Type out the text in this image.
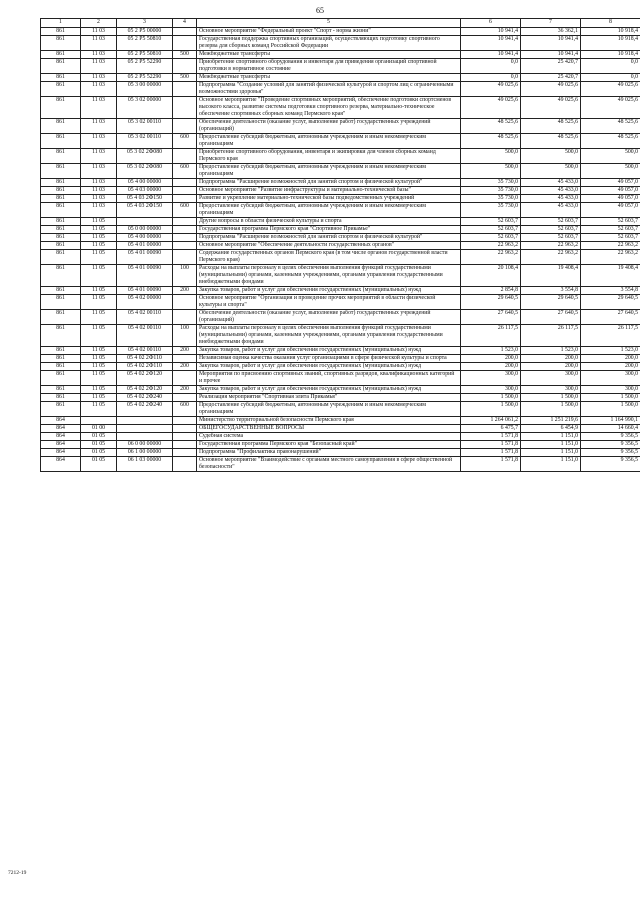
65
1	2	3	4	5	6	7	8
861	11 03	05 2 P5 00000		Основное мероприятие "Федеральный проект "Спорт - норма жизни"	10 941,4	36 362,1	10 918,4
861	11 03	05 2 P5 50810		Государственная поддержка спортивных организаций, осуществляющих подготовку спортивного резерва для сборных команд Российской Федерации	10 941,4	10 941,4	10 918,4
861	11 03	05 2 P5 50810	500	Межбюджетные трансферты	10 941,4	10 941,4	10 918,4
861	11 03	05 2 P5 52290		Приобретение спортивного оборудования и инвентаря для приведения организаций спортивной подготовки в нормативное состояние	0,0	25 420,7	0,0
861	11 03	05 2 P5 52290	500	Межбюджетные трансферты	0,0	25 420,7	0,0
861	11 03	05 3 00 00000		Подпрограмма "Создание условий для занятий физической культурой и спортом лиц с ограниченными возможностями здоровья"	49 025,6	49 025,6	49 025,6
861	11 03	05 3 02 00000		Основное мероприятие "Проведение спортивных мероприятий, обеспечение подготовки спортсменов высокого класса, развитие системы подготовки спортивного резерва, материально-техническое обеспечение спортивных сборных команд Пермского края"	49 025,6	49 025,6	49 025,6
861	11 03	05 3 02 00110		Обеспечение деятельности (оказание услуг, выполнение работ) государственных учреждений (организаций)	48 525,6	48 525,6	48 525,6
861	11 03	05 3 02 00110	600	Предоставление субсидий бюджетным, автономным учреждениям и иным некоммерческим организациям	48 525,6	48 525,6	48 525,6
861	11 03	05 3 02 2Ф080		Приобретение спортивного оборудования, инвентаря и экипировки для членов сборных команд Пермского края	500,0	500,0	500,0
861	11 03	05 3 02 2Ф080	600	Предоставление субсидий бюджетным, автономным учреждениям и иным некоммерческим организациям	500,0	500,0	500,0
861	11 03	05 4 00 00000		Подпрограмма "Расширение возможностей для занятий спортом и физической культурой"	35 730,0	45 433,0	49 057,0
861	11 03	05 4 03 00000		Основное мероприятие "Развитие инфраструктуры и материально-технической базы"	35 730,0	45 433,0	49 057,0
861	11 03	05 4 03 2Ф150		Развитие и укрепление материально-технической базы подведомственных учреждений	35 730,0	45 433,0	49 057,0
861	11 03	05 4 03 2Ф150	600	Предоставление субсидий бюджетным, автономным учреждениям и иным некоммерческим организациям	35 730,0	45 433,0	49 057,0
861	11 05			Другие вопросы в области физической культуры и спорта	52 603,7	52 603,7	52 603,7
861	11 05	05 0 00 00000		Государственная программа Пермского края "Спортивное Прикамье"	52 603,7	52 603,7	52 603,7
861	11 05	05 4 00 00000		Подпрограмма "Расширение возможностей для занятий спортом и физической культурой"	52 603,7	52 603,7	52 603,7
861	11 05	05 4 01 00000		Основное мероприятие "Обеспечение деятельности государственных органов"	22 963,2	22 963,2	22 963,2
861	11 05	05 4 01 00090		Содержание государственных органов Пермского края (в том числе органов государственной власти Пермского края)	22 963,2	22 963,2	22 963,2
861	11 05	05 4 01 00090	100	Расходы на выплаты персоналу в целях обеспечения выполнения функций государственными (муниципальными) органами, казенными учреждениями, органами управления государственными внебюджетными фондами	20 108,4	19 408,4	19 408,4
861	11 05	05 4 01 00090	200	Закупка товаров, работ и услуг для обеспечения государственных (муниципальных) нужд	2 854,8	3 554,8	3 554,8
861	11 05	05 4 02 00000		Основное мероприятие "Организация и проведение прочих мероприятий в области физической культуры и спорта"	29 640,5	29 640,5	29 640,5
861	11 05	05 4 02 00110		Обеспечение деятельности (оказание услуг, выполнение работ) государственных учреждений (организаций)	27 640,5	27 640,5	27 640,5
861	11 05	05 4 02 00110	100	Расходы на выплаты персоналу в целях обеспечения выполнения функций государственными (муниципальными) органами, казенными учреждениями, органами управления государственными внебюджетными фондами	26 117,5	26 117,5	26 117,5
861	11 05	05 4 02 00110	200	Закупка товаров, работ и услуг для обеспечения государственных (муниципальных) нужд	1 523,0	1 523,0	1 523,0
861	11 05	05 4 02 2Ф110		Независимая оценка качества оказания услуг организациями в сфере физической культуры и спорта	200,0	200,0	200,0
861	11 05	05 4 02 2Ф110	200	Закупка товаров, работ и услуг для обеспечения государственных (муниципальных) нужд	200,0	200,0	200,0
861	11 05	05 4 02 2Ф120		Мероприятия по присвоению спортивных званий, спортивных разрядов, квалификационных категорий и прочее	300,0	300,0	300,0
861	11 05	05 4 02 2Ф120	200	Закупка товаров, работ и услуг для обеспечения государственных (муниципальных) нужд	300,0	300,0	300,0
861	11 05	05 4 02 2Ф240		Реализация мероприятия "Спортивная элита Прикамья"	1 500,0	1 500,0	1 500,0
861	11 05	05 4 02 2Ф240	600	Предоставление субсидий бюджетным, автономным учреждениям и иным некоммерческим организациям	1 500,0	1 500,0	1 500,0
864				Министерство территориальной безопасности Пермского края	1 264 061,2	1 251 219,6	1 164 990,1
864	01 00			ОБЩЕГОСУДАРСТВЕННЫЕ ВОПРОСЫ	6 475,7	6 454,9	14 660,4
864	01 05			Судебная система	1 571,8	1 151,0	9 356,5
864	01 05	06 0 00 00000		Государственная программа Пермского края "Безопасный край"	1 571,8	1 151,0	9 356,5
864	01 05	06 1 00 00000		Подпрограмма "Профилактика правонарушений"	1 571,8	1 151,0	9 356,5
864	01 05	06 1 03 00000		Основное мероприятие "Взаимодействие с органами местного самоуправления в сфере общественной безопасности"	1 571,8	1 151,0	9 356,5
7212-19
